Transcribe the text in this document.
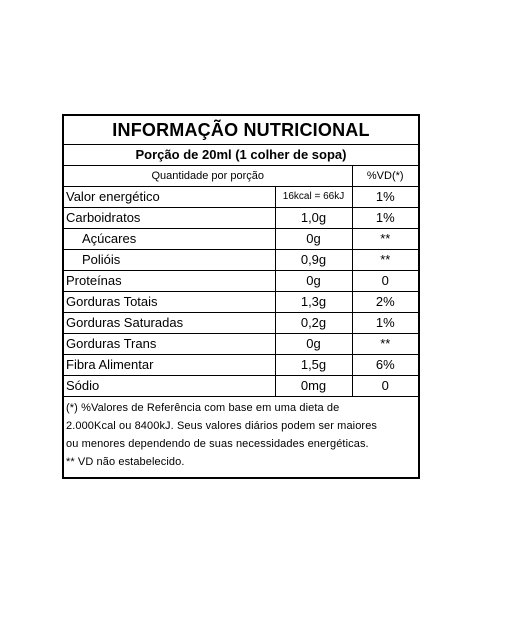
INFORMAÇÃO NUTRICIONAL
Porção de 20ml (1 colher de sopa)
Quantidade por porção		%VD(*)
Valor energético	16kcal = 66kJ	1%
Carboidratos	1,0g	1%
Açúcares	0g	**
Polióis	0,9g	**
Proteínas	0g	0
Gorduras Totais	1,3g	2%
Gorduras Saturadas	0,2g	1%
Gorduras Trans	0g	**
Fibra Alimentar	1,5g	6%
Sódio	0mg	0
(*) %Valores de Referência com base em uma dieta de
2.000Kcal ou 8400kJ. Seus valores diários podem ser maiores
ou menores dependendo de suas necessidades energéticas.
** VD não estabelecido.
